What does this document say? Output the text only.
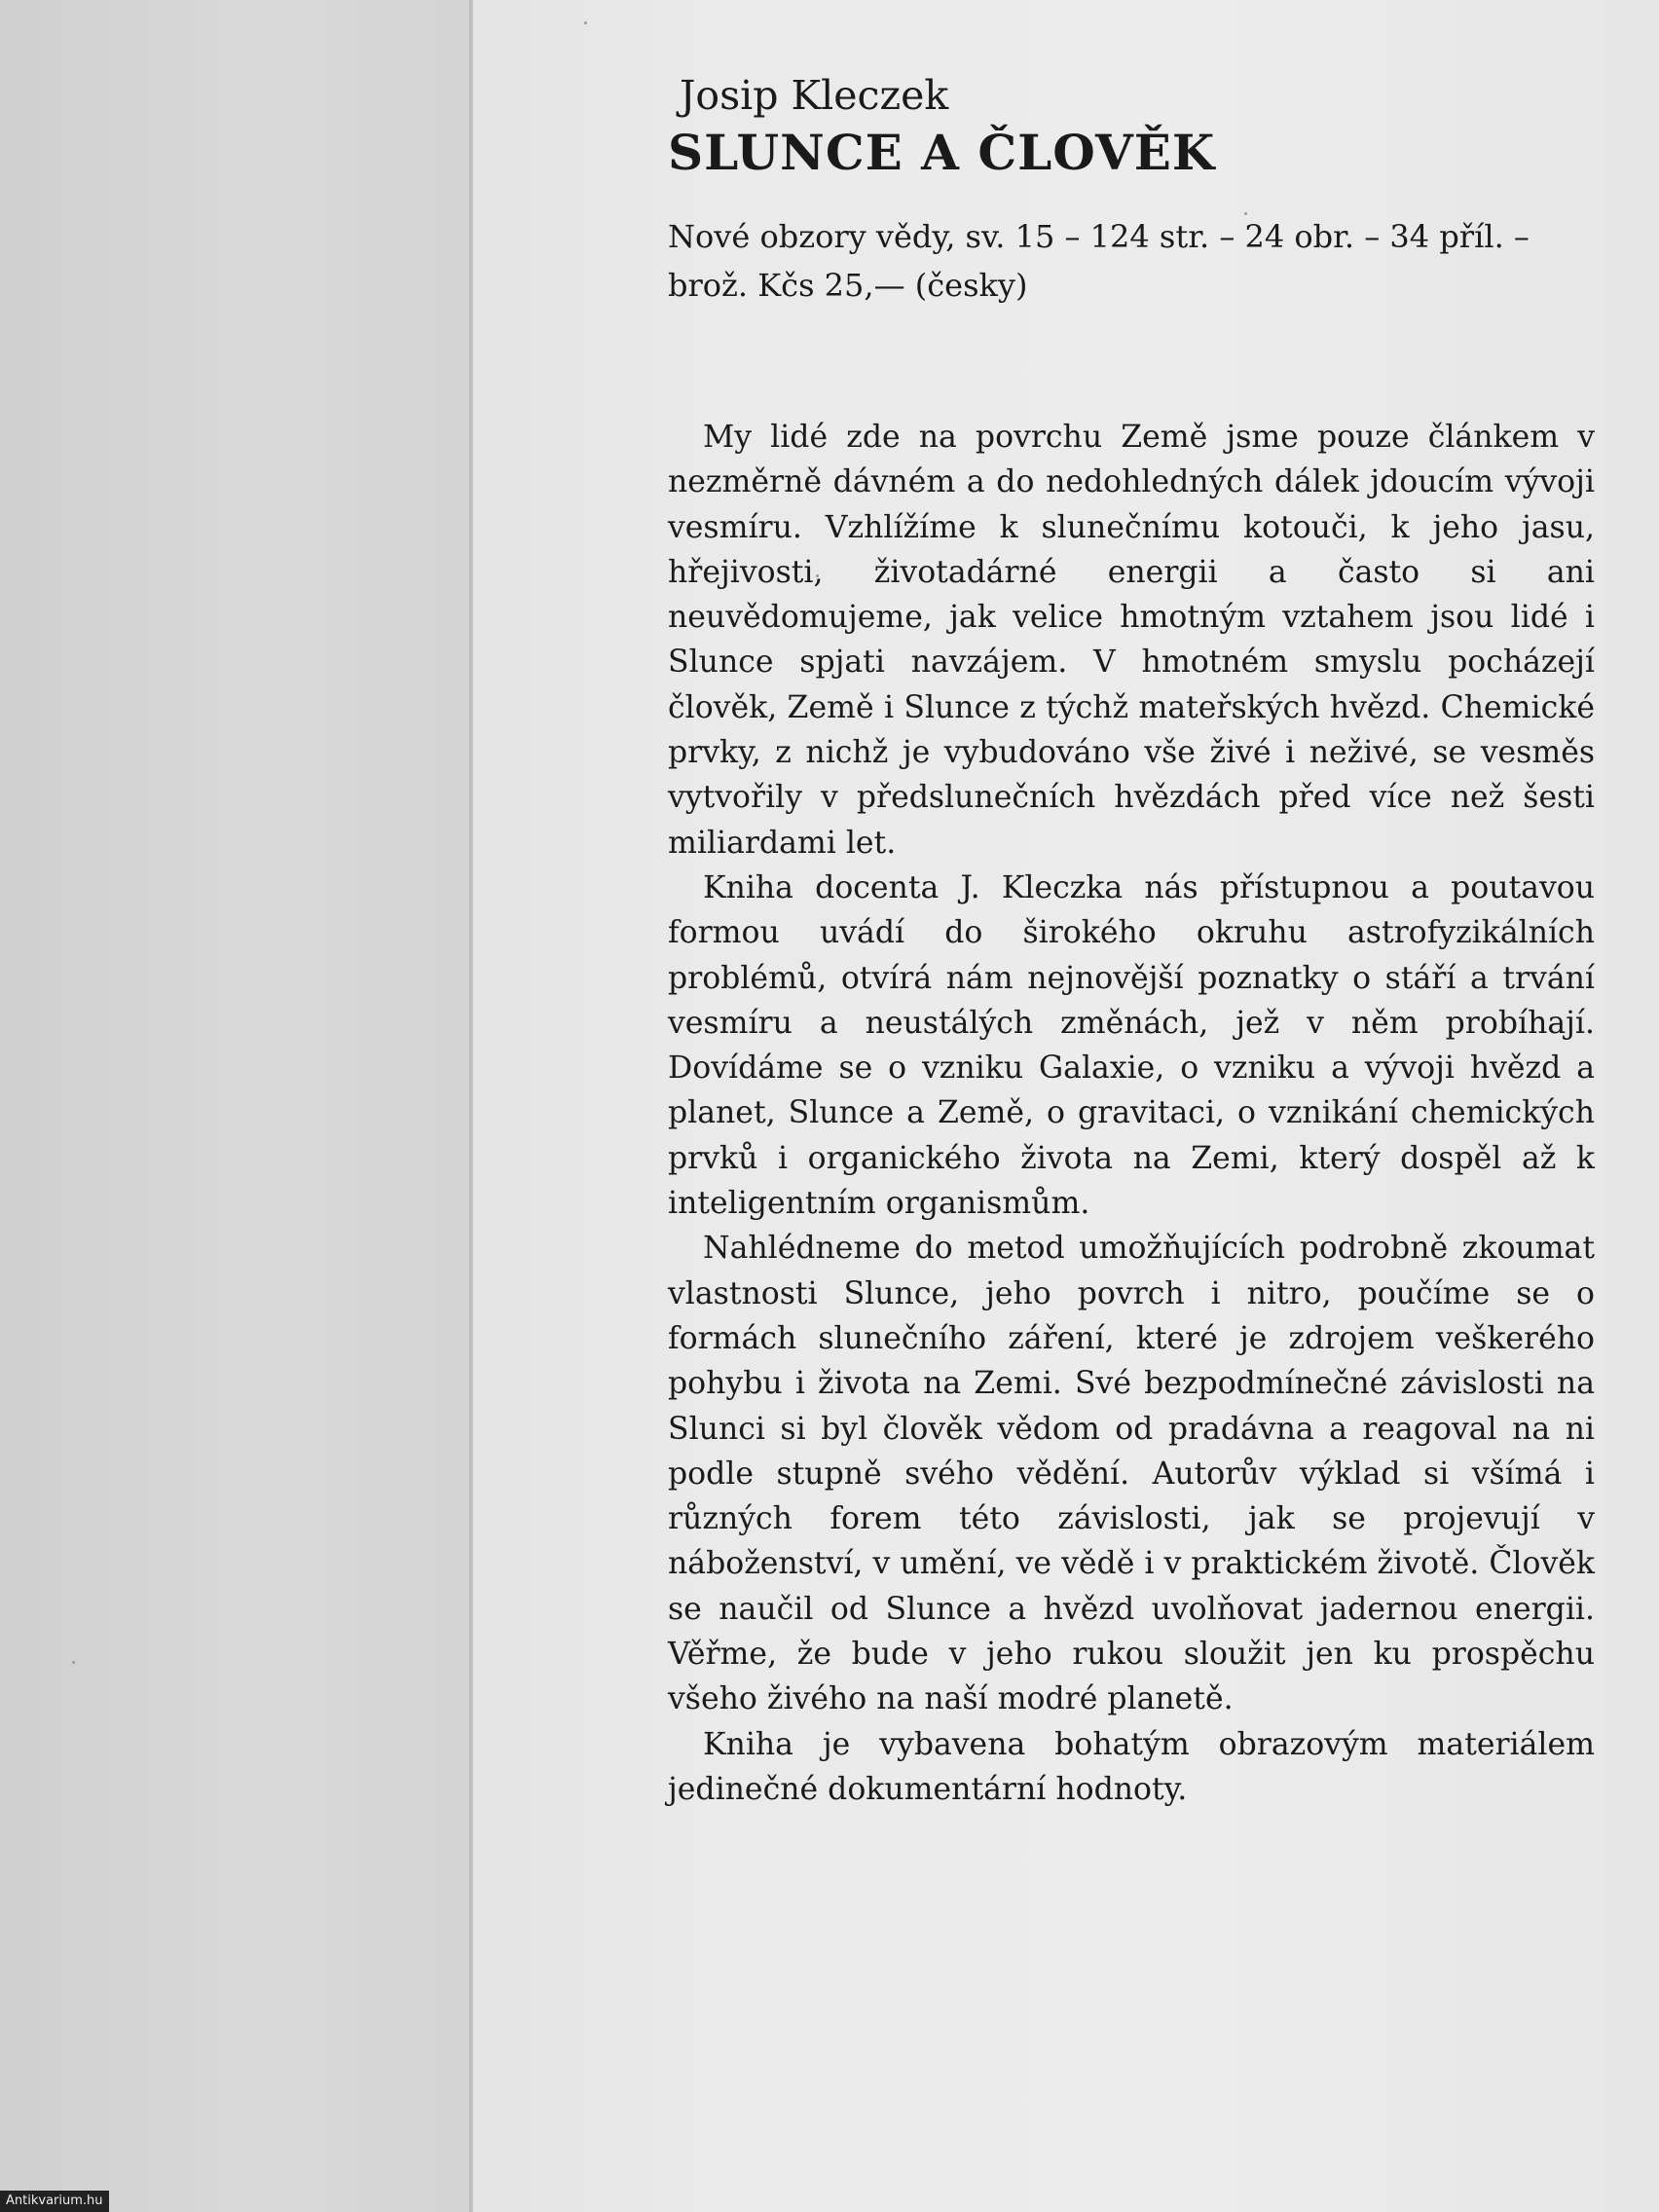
Josip Kleczek
SLUNCE A ČLOVĚK
Nové obzory vědy, sv. 15 – 124 str. – 24 obr. – 34 příl. –
brož. Kčs 25,— (česky)

My lidé zde na povrchu Země jsme pouze článkem v nezměrně dávném a do nedohledných dálek jdoucím vývoji vesmíru. Vzhlížíme k slunečnímu kotouči, k jeho jasu, hřejivosti, životadárné energii a často si ani neuvědomujeme, jak velice hmotným vztahem jsou lidé i Slunce spjati navzájem. V hmotném smyslu pocházejí člověk, Země i Slunce z týchž mateřských hvězd. Chemické prvky, z nichž je vybudováno vše živé i neživé, se vesměs vytvořily v předslunečních hvězdách před více než šesti miliardami let.

Kniha docenta J. Kleczka nás přístupnou a poutavou formou uvádí do širokého okruhu astrofyzikálních problémů, otvírá nám nejnovější poznatky o stáří a trvání vesmíru a neustálých změnách, jež v něm probíhají. Dovídáme se o vzniku Galaxie, o vzniku a vývoji hvězd a planet, Slunce a Země, o gravitaci, o vznikání chemických prvků i organického života na Zemi, který dospěl až k inteligentním organismům.

Nahlédneme do metod umožňujících podrobně zkoumat vlastnosti Slunce, jeho povrch i nitro, poučíme se o formách slunečního záření, které je zdrojem veškerého pohybu i života na Zemi. Své bezpodmínečné závislosti na Slunci si byl člověk vědom od pradávna a reagoval na ni podle stupně svého vědění. Autorův výklad si všímá i různých forem této závislosti, jak se projevují v náboženství, v umění, ve vědě i v praktickém životě. Člověk se naučil od Slunce a hvězd uvolňovat jadernou energii. Věřme, že bude v jeho rukou sloužit jen ku prospěchu všeho živého na naší modré planetě.

Kniha je vybavena bohatým obrazovým materiálem jedinečné dokumentární hodnoty.

Antikvarium.hu
